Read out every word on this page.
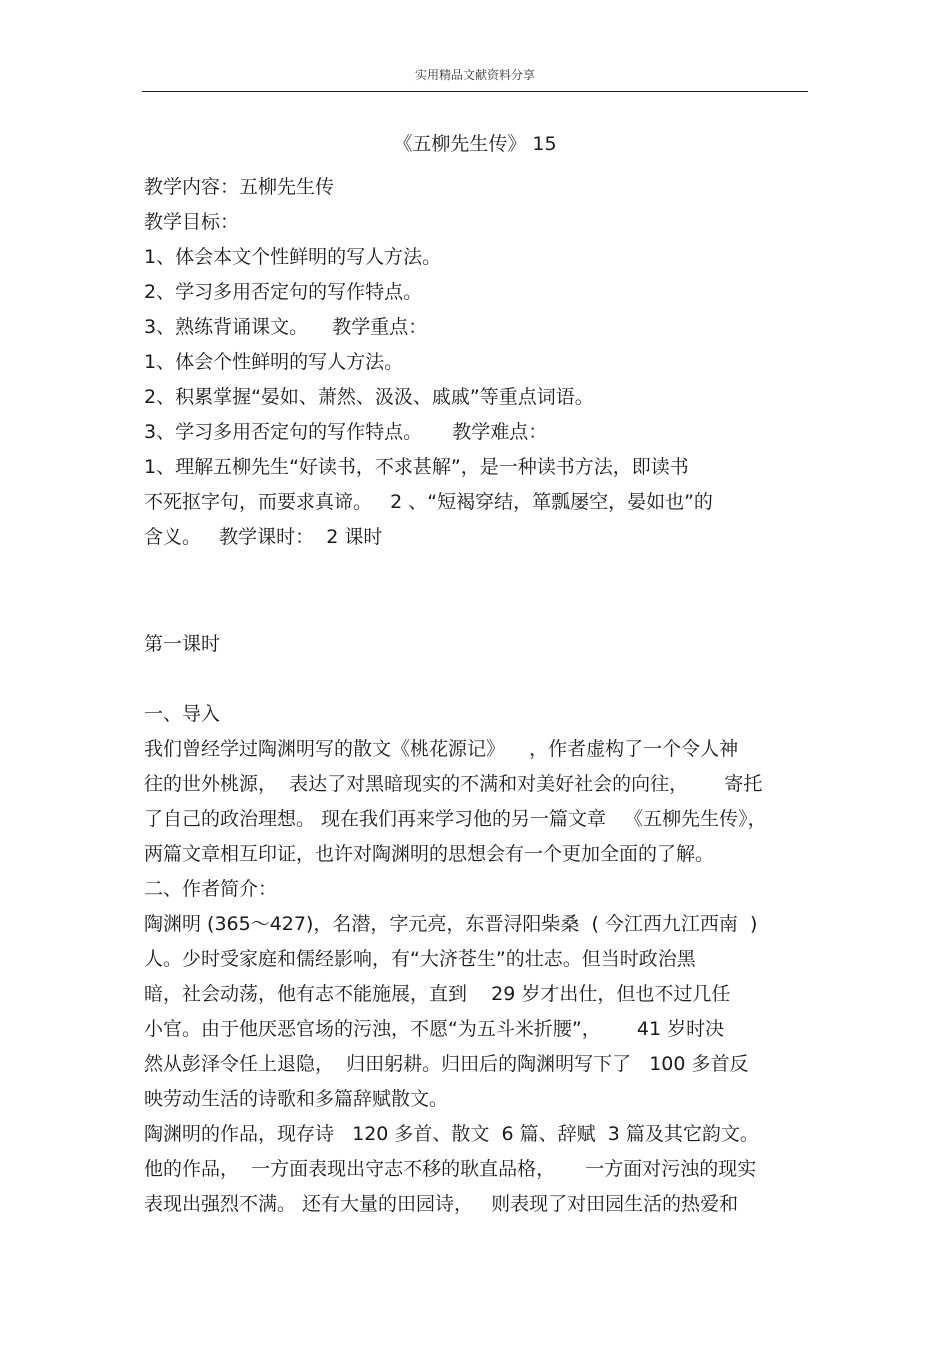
实用精品文献资料分享
《五柳先生传》 15
教学内容：五柳先生传
教学目标：
1、体会本文个性鲜明的写人方法。
2、学习多用否定句的写作特点。
3、熟练背诵课文。    教学重点：
1、体会个性鲜明的写人方法。
2、积累掌握“晏如、萧然、汲汲、戚戚”等重点词语。
3、学习多用否定句的写作特点。     教学难点：
1、理解五柳先生“好读书，不求甚解”，是一种读书方法，即读书
不死抠字句，而要求真谛。   2 、“短褐穿结，箪瓢屡空，晏如也”的
含义。   教学课时：  2 课时
第一课时
一、导入
我们曾经学过陶渊明写的散文《桃花源记》    ，作者虚构了一个令人神
往的世外桃源，  表达了对黑暗现实的不满和对美好社会的向往，      寄托
了自己的政治理想。 现在我们再来学习他的另一篇文章   《五柳先生传》，
两篇文章相互印证，也许对陶渊明的思想会有一个更加全面的了解。
二、作者简介：
陶渊明 (365～427)，名潜，字元亮，东晋浔阳柴桑  ( 今江西九江西南  )
人。少时受家庭和儒经影响，有“大济苍生”的壮志。但当时政治黑
暗，社会动荡，他有志不能施展，直到    29 岁才出仕，但也不过几任
小官。由于他厌恶官场的污浊，不愿“为五斗米折腰”，      41 岁时决
然从彭泽令任上退隐，  归田躬耕。归田后的陶渊明写下了   100 多首反
映劳动生活的诗歌和多篇辞赋散文。
陶渊明的作品，现存诗   120 多首、散文  6 篇、辞赋  3 篇及其它韵文。
他的作品，  一方面表现出守志不移的耿直品格，     一方面对污浊的现实
表现出强烈不满。 还有大量的田园诗，   则表现了对田园生活的热爱和
